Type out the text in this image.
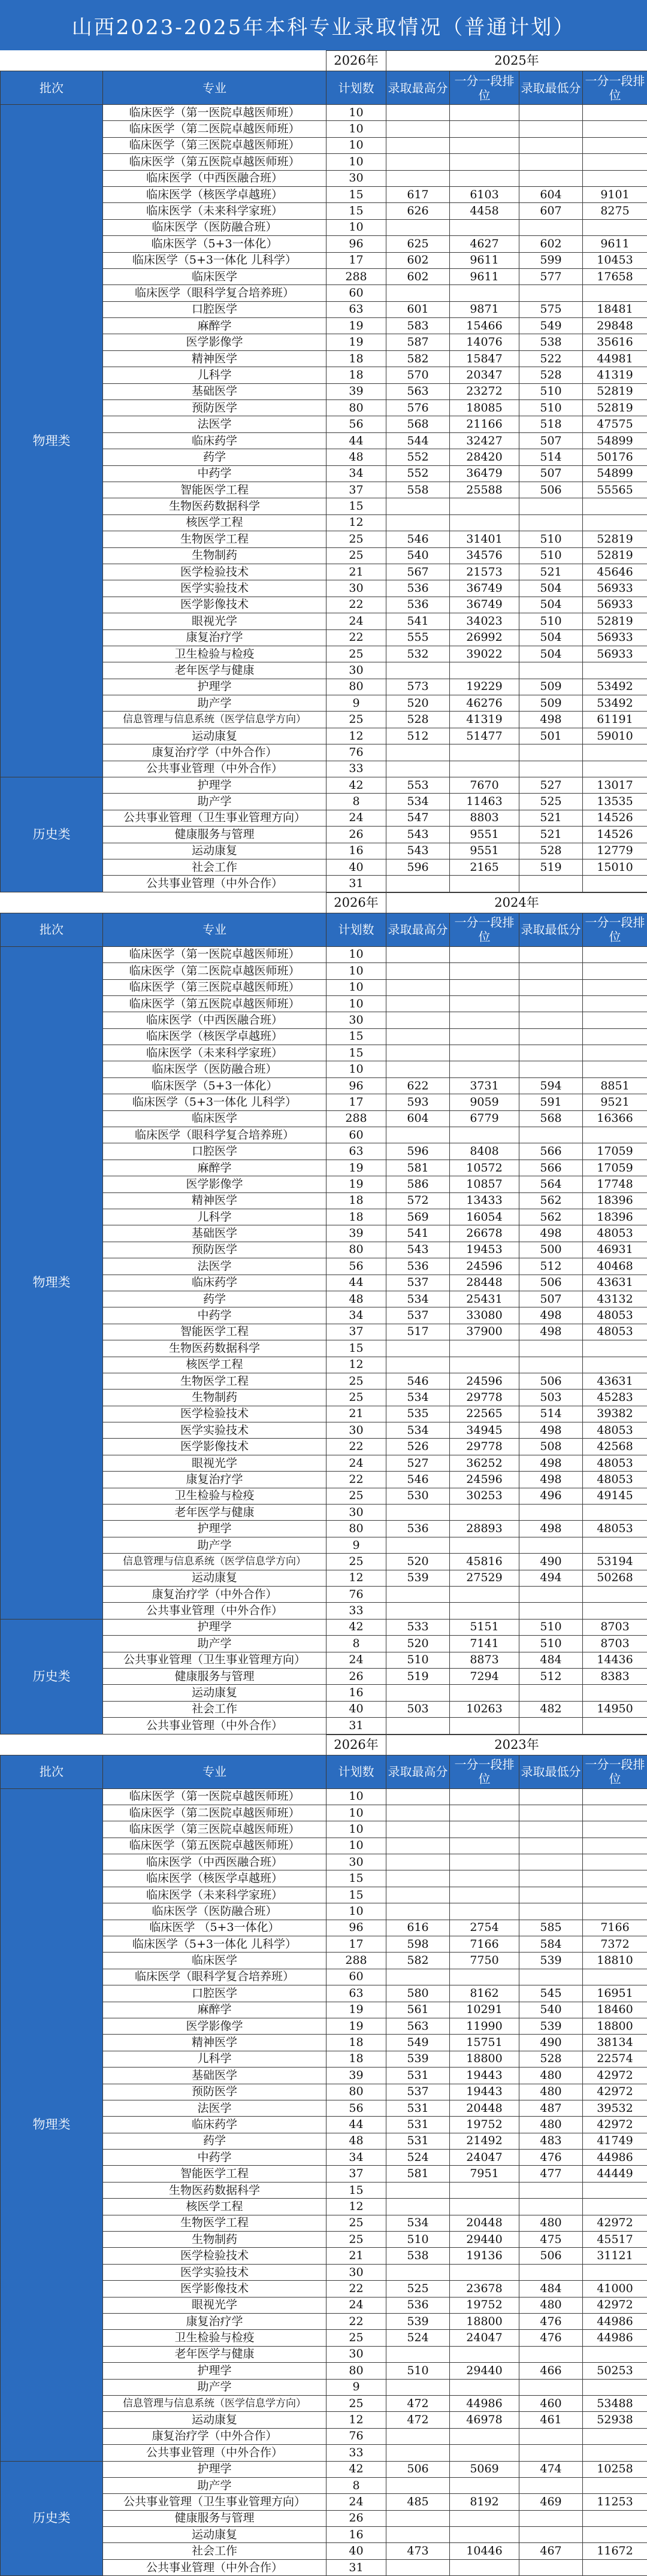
山西2023-2025年本科专业录取情况（普通计划）
		2026年	2025年			
批次	专业	计划数	录取最高分	一分一段排位	录取最低分	一分一段排位
物理类	临床医学（第一医院卓越医师班）	10				
	临床医学（第二医院卓越医师班）	10				
	临床医学（第三医院卓越医师班）	10				
	临床医学（第五医院卓越医师班）	10				
	临床医学（中西医融合班）	30				
	临床医学（核医学卓越班）	15	617	6103	604	9101
	临床医学（未来科学家班）	15	626	4458	607	8275
	临床医学（医防融合班）	10				
	临床医学（5+3一体化）	96	625	4627	602	9611
	临床医学（5+3一体化 儿科学）	17	602	9611	599	10453
	临床医学	288	602	9611	577	17658
	临床医学（眼科学复合培养班）	60				
	口腔医学	63	601	9871	575	18481
	麻醉学	19	583	15466	549	29848
	医学影像学	19	587	14076	538	35616
	精神医学	18	582	15847	522	44981
	儿科学	18	570	20347	528	41319
	基础医学	39	563	23272	510	52819
	预防医学	80	576	18085	510	52819
	法医学	56	568	21166	518	47575
	临床药学	44	544	32427	507	54899
	药学	48	552	28420	514	50176
	中药学	34	552	36479	507	54899
	智能医学工程	37	558	25588	506	55565
	生物医药数据科学	15				
	核医学工程	12				
	生物医学工程	25	546	31401	510	52819
	生物制药	25	540	34576	510	52819
	医学检验技术	21	567	21573	521	45646
	医学实验技术	30	536	36749	504	56933
	医学影像技术	22	536	36749	504	56933
	眼视光学	24	541	34023	510	52819
	康复治疗学	22	555	26992	504	56933
	卫生检验与检疫	25	532	39022	504	56933
	老年医学与健康	30				
	护理学	80	573	19229	509	53492
	助产学	9	520	46276	509	53492
	信息管理与信息系统（医学信息学方向）	25	528	41319	498	61191
	运动康复	12	512	51477	501	59010
	康复治疗学（中外合作）	76				
	公共事业管理（中外合作）	33				
历史类	护理学	42	553	7670	527	13017
	助产学	8	534	11463	525	13535
	公共事业管理（卫生事业管理方向）	24	547	8803	521	14526
	健康服务与管理	26	543	9551	521	14526
	运动康复	16	543	9551	528	12779
	社会工作	40	596	2165	519	15010
	公共事业管理（中外合作）	31				
		2026年	2024年			
批次	专业	计划数	录取最高分	一分一段排位	录取最低分	一分一段排位
物理类	临床医学（第一医院卓越医师班）	10				
	临床医学（第二医院卓越医师班）	10				
	临床医学（第三医院卓越医师班）	10				
	临床医学（第五医院卓越医师班）	10				
	临床医学（中西医融合班）	30				
	临床医学（核医学卓越班）	15				
	临床医学（未来科学家班）	15				
	临床医学（医防融合班）	10				
	临床医学（5+3一体化）	96	622	3731	594	8851
	临床医学（5+3一体化 儿科学）	17	593	9059	591	9521
	临床医学	288	604	6779	568	16366
	临床医学（眼科学复合培养班）	60				
	口腔医学	63	596	8408	566	17059
	麻醉学	19	581	10572	566	17059
	医学影像学	19	586	10857	564	17748
	精神医学	18	572	13433	562	18396
	儿科学	18	569	16054	562	18396
	基础医学	39	541	26678	498	48053
	预防医学	80	543	19453	500	46931
	法医学	56	536	24596	512	40468
	临床药学	44	537	28448	506	43631
	药学	48	534	25431	507	43132
	中药学	34	537	33080	498	48053
	智能医学工程	37	517	37900	498	48053
	生物医药数据科学	15				
	核医学工程	12				
	生物医学工程	25	546	24596	506	43631
	生物制药	25	534	29778	503	45283
	医学检验技术	21	535	22565	514	39382
	医学实验技术	30	534	34945	498	48053
	医学影像技术	22	526	29778	508	42568
	眼视光学	24	527	36252	498	48053
	康复治疗学	22	546	24596	498	48053
	卫生检验与检疫	25	530	30253	496	49145
	老年医学与健康	30				
	护理学	80	536	28893	498	48053
	助产学	9				
	信息管理与信息系统（医学信息学方向）	25	520	45816	490	53194
	运动康复	12	539	27529	494	50268
	康复治疗学（中外合作）	76				
	公共事业管理（中外合作）	33				
历史类	护理学	42	533	5151	510	8703
	助产学	8	520	7141	510	8703
	公共事业管理（卫生事业管理方向）	24	510	8873	484	14436
	健康服务与管理	26	519	7294	512	8383
	运动康复	16				
	社会工作	40	503	10263	482	14950
	公共事业管理（中外合作）	31				
		2026年	2023年			
批次	专业	计划数	录取最高分	一分一段排位	录取最低分	一分一段排位
物理类	临床医学（第一医院卓越医师班）	10				
	临床医学（第二医院卓越医师班）	10				
	临床医学（第三医院卓越医师班）	10				
	临床医学（第五医院卓越医师班）	10				
	临床医学（中西医融合班）	30				
	临床医学（核医学卓越班）	15				
	临床医学（未来科学家班）	15				
	临床医学（医防融合班）	10				
	临床医学 （5+3一体化）	96	616	2754	585	7166
	临床医学（5+3一体化 儿科学）	17	598	7166	584	7372
	临床医学	288	582	7750	539	18810
	临床医学（眼科学复合培养班）	60				
	口腔医学	63	580	8162	545	16951
	麻醉学	19	561	10291	540	18460
	医学影像学	19	563	11990	539	18800
	精神医学	18	549	15751	490	38134
	儿科学	18	539	18800	528	22574
	基础医学	39	531	19443	480	42972
	预防医学	80	537	19443	480	42972
	法医学	56	531	20448	487	39532
	临床药学	44	531	19752	480	42972
	药学	48	531	21492	483	41749
	中药学	34	524	24047	476	44986
	智能医学工程	37	581	7951	477	44449
	生物医药数据科学	15				
	核医学工程	12				
	生物医学工程	25	534	20448	480	42972
	生物制药	25	510	29440	475	45517
	医学检验技术	21	538	19136	506	31121
	医学实验技术	30				
	医学影像技术	22	525	23678	484	41000
	眼视光学	24	536	19752	480	42972
	康复治疗学	22	539	18800	476	44986
	卫生检验与检疫	25	524	24047	476	44986
	老年医学与健康	30				
	护理学	80	510	29440	466	50253
	助产学	9				
	信息管理与信息系统（医学信息学方向）	25	472	44986	460	53488
	运动康复	12	472	46978	461	52938
	康复治疗学（中外合作）	76				
	公共事业管理（中外合作）	33				
历史类	护理学	42	506	5069	474	10258
	助产学	8				
	公共事业管理（卫生事业管理方向）	24	485	8192	469	11253
	健康服务与管理	26				
	运动康复	16				
	社会工作	40	473	10446	467	11672
	公共事业管理（中外合作）	31				
